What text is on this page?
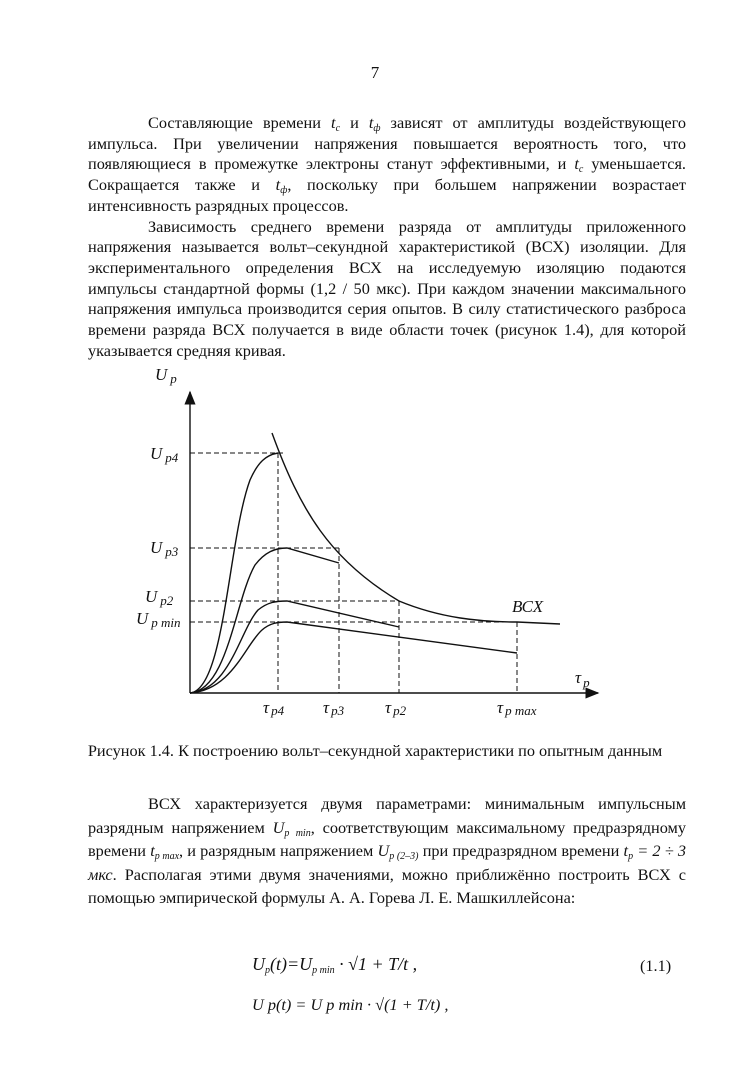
7

Составляющие времени $t_c$ и $t_ф$ зависят от амплитуды воздействующего импульса. При увеличении напряжения повышается вероятность того, что появляющиеся в промежутке электроны станут эффективными, и $t_c$ уменьшается. Сокращается также и $t_ф$, поскольку при большем напряжении возрастает интенсивность разрядных процессов.

Зависимость среднего времени разряда от амплитуды приложенного напряжения называется вольт–секундной характеристикой (ВСХ) изоляции. Для экспериментального определения ВСХ на исследуемую изоляцию подаются импульсы стандартной формы (1,2 / 50 мкс). При каждом значении максимального напряжения импульса производится серия опытов. В силу статистического разброса времени разряда ВСХ получается в виде области точек (рисунок 1.4), для которой указывается средняя кривая.

U p
τ $_p$
U p4
U p3
U p2
U p min
τ p4 τ p3 τ p2	τ p max
ВСХ
Рисунок 1.4. К построению вольт–секундной характеристики по опытным данным

ВСХ характеризуется двумя параметрами: минимальным импульсным разрядным напряжением $U_{p min}$, соответствующим максимальному предразрядному времени $t_{p max}$, и разрядным напряжением $U_{p (2-3)}$ при предразрядном времени $t_p = 2 \div 3$ мкс. Располагая этими двумя значениями, можно приближённо построить ВСХ с помощью эмпирической формулы А. А. Горева Л. Е. Машкиллейсона:

$U_p(t)=U_{p min} \cdot √1 + T/t$ ,
U p(t) = U p min · √(1 + T/t) ,
(1.1)
